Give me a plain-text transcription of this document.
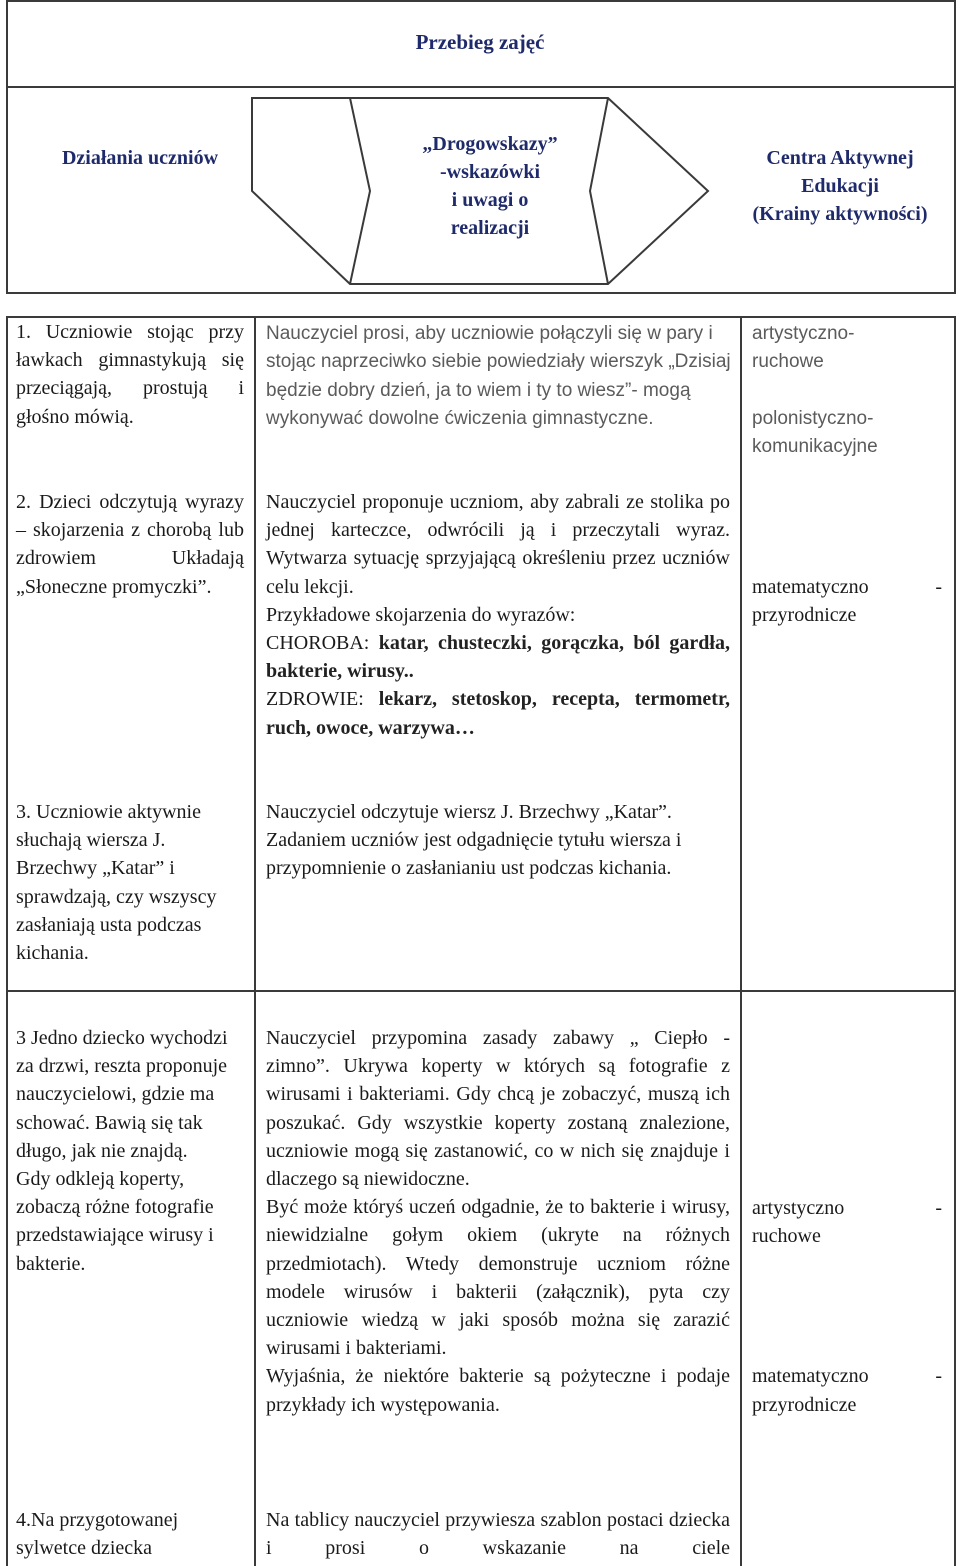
Przebieg zajęć
Działania uczniów
„Drogowskazy”
-wskazówki
i uwagi o
realizacji
Centra Aktywnej
Edukacji
(Krainy aktywności)
1. Uczniowie stojąc przy ławkach gimnastykują się przeciągają, prostują i głośno mówią.
Nauczyciel prosi, aby uczniowie połączyli się w pary i stojąc naprzeciwko siebie powiedziały wierszyk „Dzisiaj będzie dobry dzień, ja to wiem i ty to wiesz”- mogą wykonywać dowolne ćwiczenia gimnastyczne.

artystyczno-ruchowe

polonistyczno-komunikacyjne

2. Dzieci odczytują wyrazy – skojarzenia z chorobą lub zdrowiem Układają „Słoneczne promyczki”.

Nauczyciel proponuje uczniom, aby zabrali ze stolika po jednej karteczce, odwrócili ją i przeczytali wyraz. Wytwarza sytuację sprzyjającą określeniu przez uczniów celu lekcji.

Przykładowe skojarzenia do wyrazów:

CHOROBA: katar, chusteczki, gorączka, ból gardła, bakterie, wirusy..

ZDROWIE: lekarz, stetoskop, recepta, termometr, ruch, owoce, warzywa…

matematyczno -

przyrodnicze

3. Uczniowie aktywnie słuchają wiersza J. Brzechwy „Katar” i sprawdzają, czy wszyscy zasłaniają usta podczas kichania.
Nauczyciel odczytuje wiersz J. Brzechwy „Katar”. Zadaniem uczniów jest odgadnięcie tytułu wiersza i przypomnienie o zasłanianiu ust podczas kichania.

3 Jedno dziecko wychodzi za drzwi, reszta proponuje nauczycielowi, gdzie ma schować. Bawią się tak długo, jak nie znajdą.

Gdy odkleją koperty, zobaczą różne fotografie przedstawiające wirusy i bakterie.

Nauczyciel przypomina zasady zabawy „ Ciepło - zimno”. Ukrywa koperty w których są fotografie z wirusami i bakteriami. Gdy chcą je zobaczyć, muszą ich poszukać. Gdy wszystkie koperty zostaną znalezione, uczniowie mogą się zastanowić, co w nich się znajduje i dlaczego są niewidoczne.

Być może któryś uczeń odgadnie, że to bakterie i wirusy, niewidzialne gołym okiem (ukryte na różnych przedmiotach). Wtedy demonstruje uczniom różne modele wirusów i bakterii (załącznik), pyta czy uczniowie wiedzą w jaki sposób można się zarazić wirusami i bakteriami.

Wyjaśnia, że niektóre bakterie są pożyteczne i podaje przykłady ich występowania.

artystyczno -

ruchowe

matematyczno -

przyrodnicze

4.Na przygotowanej sylwetce dziecka
Na tablicy nauczyciel przywiesza szablon postaci dziecka i prosi o wskazanie na ciele
